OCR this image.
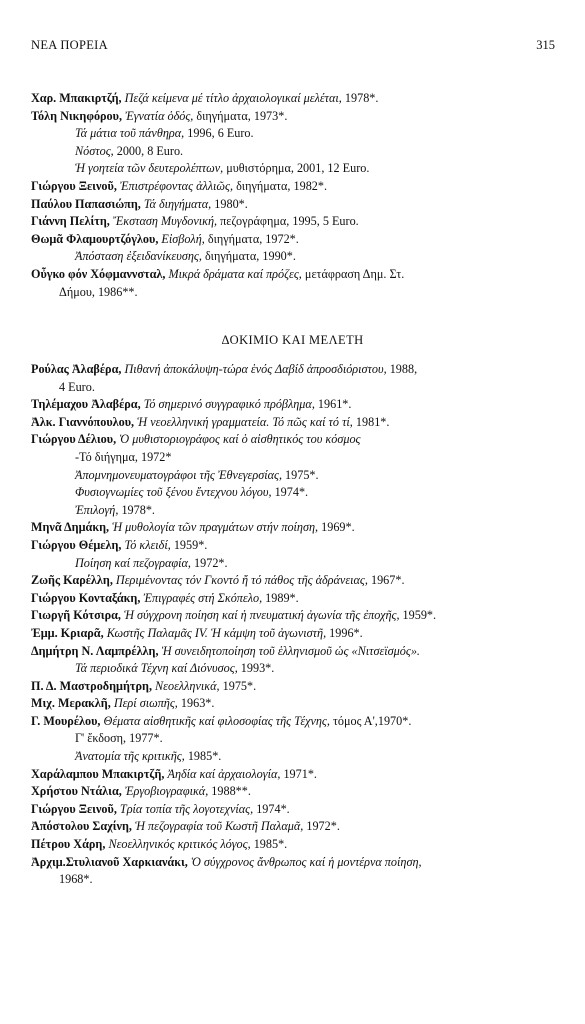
ΝΕΑ ΠΟΡΕΙΑ	315
Χαρ. Μπακιρτζή, Πεζά κείμενα μέ τίτλο ἀρχαιολογικαί μελέται, 1978*.
Τόλη Νικηφόρου, Ἐγνατία ὁδός, διηγήματα, 1973*.
Τά μάτια τοῦ πάνθηρα, 1996, 6 Euro.
Νόστος, 2000, 8 Euro.
Ἡ γοητεία τῶν δευτερολέπτων, μυθιστόρημα, 2001, 12 Euro.
Γιώργου Ξεινοῦ, Ἐπιστρέφοντας ἀλλιῶς, διηγήματα, 1982*.
Παύλου Παπασιώπη, Τά διηγήματα, 1980*.
Γιάννη Πελίτη, Ἔκσταση Μυγδονική, πεζογράφημα, 1995, 5 Euro.
Θωμᾶ Φλαμουρτζόγλου, Εἰσβολή, διηγήματα, 1972*.
Ἀπόσταση ἐξειδανίκευσης, διηγήματα, 1990*.
Οὖγκο φόν Χόφμαννσταλ, Μικρά δράματα καί πρόζες, μετάφραση Δημ. Στ.
Δήμου, 1986**.
ΔΟΚΙΜΙΟ ΚΑΙ ΜΕΛΕΤΗ
Ρούλας Ἀλαβέρα, Πιθανή ἀποκάλυψη-τώρα ἑνός Δαβίδ ἀπροσδιόριστου, 1988,
4 Euro.
Τηλέμαχου Ἀλαβέρα, Τό σημερινό συγγραφικό πρόβλημα, 1961*.
Ἀλκ. Γιαννόπουλου, Ἡ νεοελληνική γραμματεία. Τό πῶς καί τό τί, 1981*.
Γιώργου Δέλιου, Ὁ μυθιστοριογράφος καί ὁ αἰσθητικός του κόσμος
-Τό διήγημα, 1972*
Ἀπομνημονευματογράφοι τῆς Ἐθνεγερσίας, 1975*.
Φυσιογνωμίες τοῦ ξένου ἔντεχνου λόγου, 1974*.
Ἐπιλογή, 1978*.
Μηνᾶ Δημάκη, Ἡ μυθολογία τῶν πραγμάτων στήν ποίηση, 1969*.
Γιώργου Θέμελη, Τό κλειδί, 1959*.
Ποίηση καί πεζογραφία, 1972*.
Ζωῆς Καρέλλη, Περιμένοντας τόν Γκοντό ἤ τό πάθος τῆς ἀδράνειας, 1967*.
Γιώργου Κονταξάκη, Ἐπιγραφές στή Σκόπελο, 1989*.
Γιωργῆ Κότσιρα, Ἡ σύγχρονη ποίηση καί ἡ πνευματική ἀγωνία τῆς ἐποχῆς, 1959*.
Ἐμμ. Κριαρᾶ, Κωστῆς Παλαμᾶς IV. Ἡ κάμψη τοῦ ἀγωνιστῆ, 1996*.
Δημήτρη Ν. Λαμπρέλλη, Ἡ συνειδητοποίηση τοῦ ἑλληνισμοῦ ὡς «Νιτσεϊσμός».
Τά περιοδικά Τέχνη καί Διόνυσος, 1993*.
Π. Δ. Μαστροδημήτρη, Νεοελληνικά, 1975*.
Μιχ. Μερακλῆ, Περί σιωπῆς, 1963*.
Γ. Μουρέλου, Θέματα αἰσθητικῆς καί φιλοσοφίας τῆς Τέχνης, τόμος Α',1970*.
Γ' ἔκδοση, 1977*.
Ἀνατομία τῆς κριτικῆς, 1985*.
Χαράλαμπου Μπακιρτζῆ, Ἀηδία καί ἀρχαιολογία, 1971*.
Χρήστου Ντάλια, Ἐργοβιογραφικά, 1988**.
Γιώργου Ξεινοῦ, Τρία τοπία τῆς λογοτεχνίας, 1974*.
Ἀπόστολου Σαχίνη, Ἡ πεζογραφία τοῦ Κωστῆ Παλαμᾶ, 1972*.
Πέτρου Χάρη, Νεοελληνικός κριτικός λόγος, 1985*.
Ἀρχιμ.Στυλιανοῦ Χαρκιανάκι, Ὁ σύγχρονος ἄνθρωπος καί ἡ μοντέρνα ποίηση,
1968*.
